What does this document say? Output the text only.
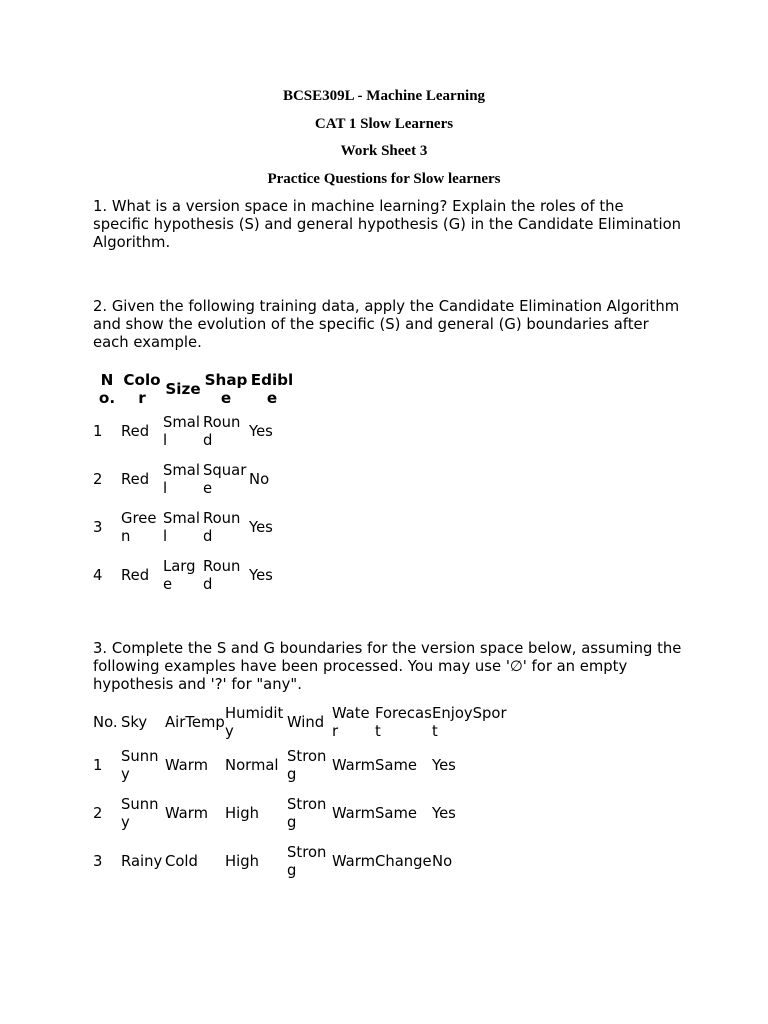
BCSE309L - Machine Learning
CAT 1 Slow Learners
Work Sheet 3
Practice Questions for Slow learners
1. What is a version space in machine learning? Explain the roles of the specific hypothesis (S) and general hypothesis (G) in the Candidate Elimination Algorithm.
2. Given the following training data, apply the Candidate Elimination Algorithm and show the evolution of the specific (S) and general (G) boundaries after each example.
No.	Color	Size	Shape	Edible
1	Red	Small	Round	Yes
2	Red	Small	Square	No
3	Green	Small	Round	Yes
4	Red	Large	Round	Yes
3. Complete the S and G boundaries for the version space below, assuming the following examples have been processed. You may use '∅' for an empty hypothesis and '?' for "any".
No.	Sky	AirTemp	Humidity	Wind	Water	Forecast	EnjoySport
1	Sunny	Warm	Normal	Strong	Warm	Same	Yes
2	Sunny	Warm	High	Strong	Warm	Same	Yes
3	Rainy	Cold	High	Strong	Warm	Change	No
